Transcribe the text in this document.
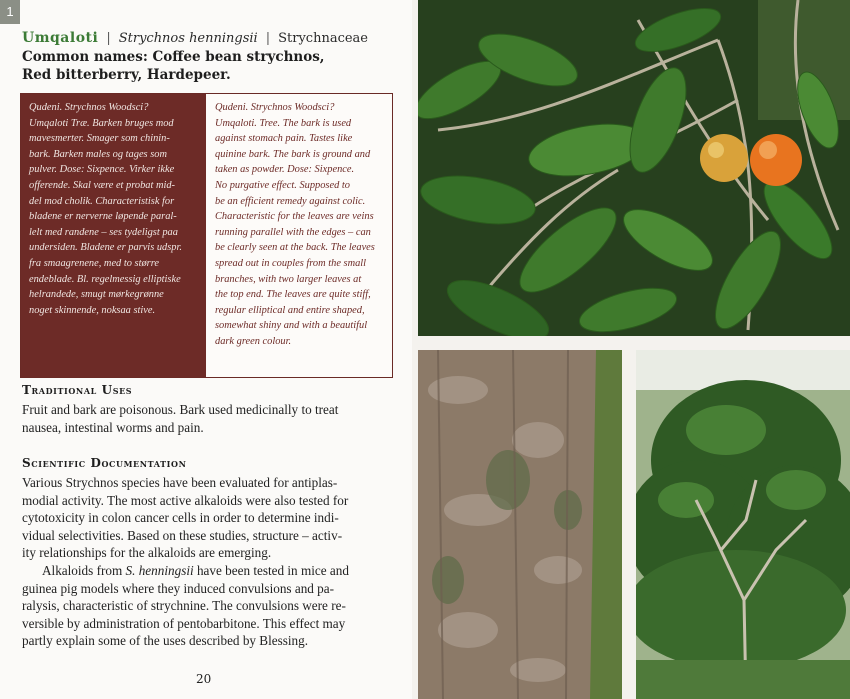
1
Umqaloti | Strychnos henningsii | Strychnaceae
Common names: Coffee bean strychnos,
Red bitterberry, Hardepeer.
Qudeni. Strychnos Woodsci?
Umqaloti Træ. Barken bruges mod
mavesmerter. Smager som chinin-
bark. Barken males og tages som
pulver. Dose: Sixpence. Virker ikke
offerende. Skal være et probat mid-
del mod cholik. Characteristisk for
bladene er nerverne løpende paral-
lelt med randene – ses tydeligst paa
undersiden. Bladene er parvis udspr.
fra smaagrenene, med to større
endeblade. Bl. regelmessig elliptiske
helrandede, smugt mørkegrønne
noget skinnende, noksaa stive.
Qudeni. Strychnos Woodsci?
Umqaloti. Tree. The bark is used
against stomach pain. Tastes like
quinine bark. The bark is ground and
taken as powder. Dose: Sixpence.
No purgative effect. Supposed to
be an efficient remedy against colic.
Characteristic for the leaves are veins
running parallel with the edges – can
be clearly seen at the back. The leaves
spread out in couples from the small
branches, with two larger leaves at
the top end. The leaves are quite stiff,
regular elliptical and entire shaped,
somewhat shiny and with a beautiful
dark green colour.
Traditional Uses
Fruit and bark are poisonous. Bark used medicinally to treat
nausea, intestinal worms and pain.
Scientific Documentation
Various Strychnos species have been evaluated for antiplas-
modial activity. The most active alkaloids were also tested for
cytotoxicity in colon cancer cells in order to determine indi-
vidual selectivities. Based on these studies, structure – activ-
ity relationships for the alkaloids are emerging.
Alkaloids from S. henningsii have been tested in mice and
guinea pig models where they induced convulsions and pa-
ralysis, characteristic of strychnine. The convulsions were re-
versible by administration of pentobarbitone. This effect may
partly explain some of the uses described by Blessing.
20
